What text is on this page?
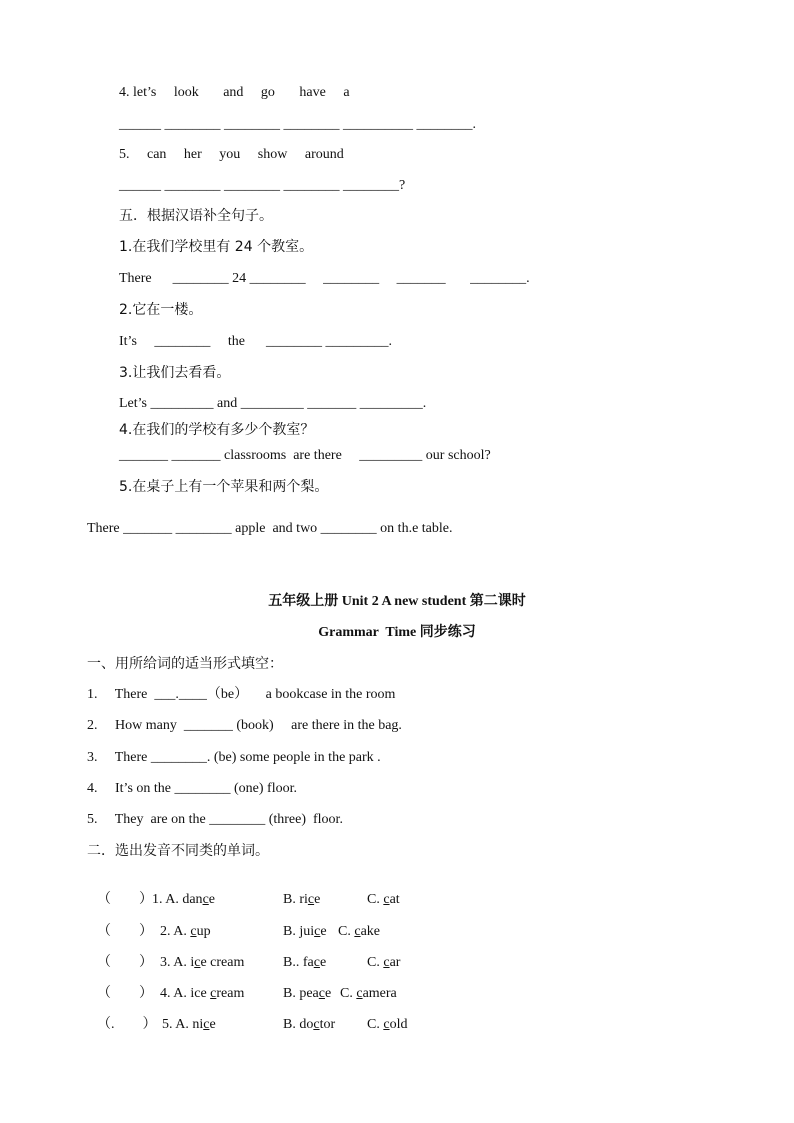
4. let’s     look       and     go       have     a
______ ________ ________ ________ __________ ________.
5.     can     her     you     show     around
______ ________ ________ ________ ________?
五．根据汉语补全句子。
1.在我们学校里有 24 个教室。
There      ________ 24 ________     ________     _______       ________.
2.它在一楼。
It’s     ________     the      ________ _________.
3.让我们去看看。
Let’s _________ and _________ _______ _________.
4.在我们的学校有多少个教室？
_______ _______ classrooms  are there     _________ our school?
5.在桌子上有一个苹果和两个梨。
There _______ ________ apple  and two ________ on th.e table.
五年级上册 Unit 2 A new student 第二课时
Grammar  Time 同步练习
一、用所给词的适当形式填空：
1.     There  ___.____（be）     a bookcase in the room
2.     How many  _______ (book)     are there in the bag.
3.     There ________. (be) some people in the park .
4.     It’s on the ________ (one) floor.
5.     They  are on the ________ (three)  floor.
二．选出发音不同类的单词。

（        ） 1. A. dance	B. rice	C. cat

（        ） 2. A. cup	B. juice C. cake

（        ） 3. A. ice cream	B.. face	C. car

（        ） 4. A. ice cream	B. peace C. camera

（.        ） 5. A. nice	B. doctor C. cold
